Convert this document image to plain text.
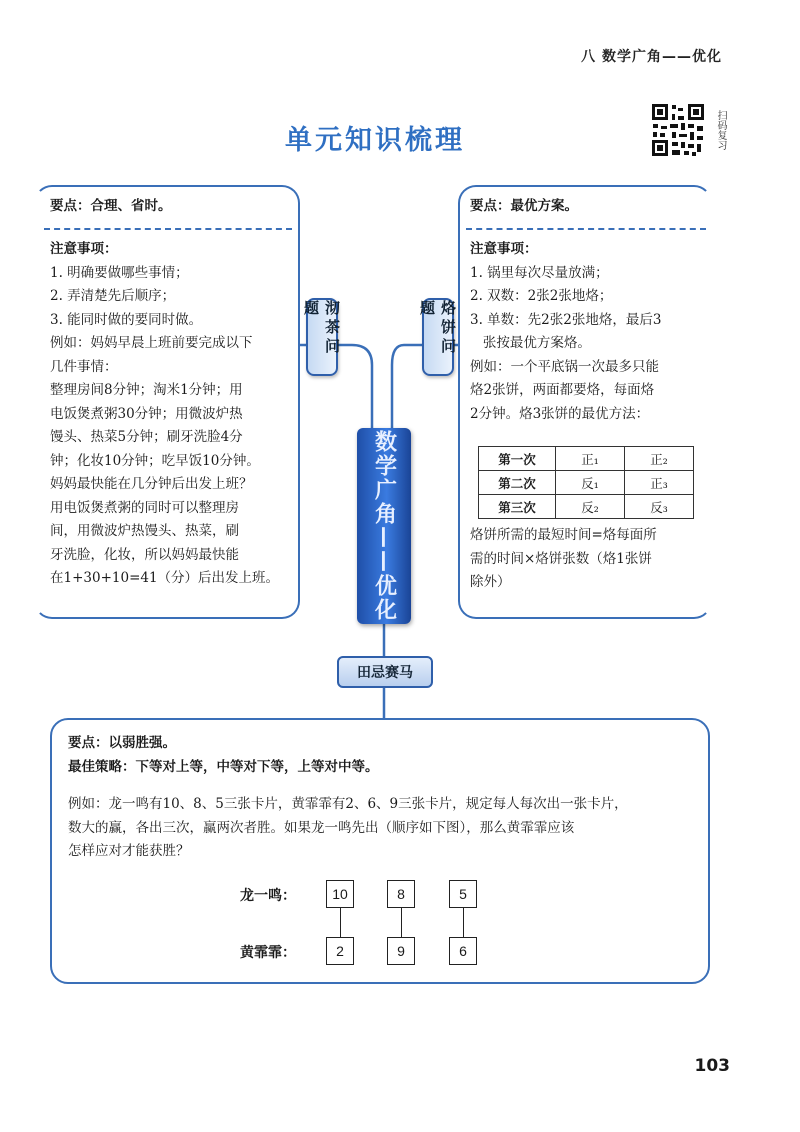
八 数学广角——优化
单元知识梳理	扫码复习
要点：合理、省时。
注意事项：
1. 明确要做哪些事情；
2. 弄清楚先后顺序；
3. 能同时做的要同时做。
例如：妈妈早晨上班前要完成以下
几件事情：
整理房间8分钟；淘米1分钟；用
电饭煲煮粥30分钟；用微波炉热
馒头、热菜5分钟；刷牙洗脸4分
钟；化妆10分钟；吃早饭10分钟。
妈妈最快能在几分钟后出发上班？
用电饭煲煮粥的同时可以整理房
间，用微波炉热馒头、热菜，刷
牙洗脸，化妆，所以妈妈最快能
在1+30+10=41（分）后出发上班。
要点：最优方案。
注意事项：
1. 锅里每次尽量放满；
2. 双数：2张2张地烙；
3. 单数：先2张2张地烙，最后3
张按最优方案烙。
例如：一个平底锅一次最多只能
烙2张饼，两面都要烙，每面烙
2分钟。烙3张饼的最优方法：
第一次	正₁	正₂
第二次	反₁	正₃
第三次	反₂	反₃
烙饼所需的最短时间=烙每面所
需的时间×烙饼张数（烙1张饼
除外）
沏茶问题	烙饼问题
数学广角——优化
田忌赛马
要点：以弱胜强。
最佳策略：下等对上等，中等对下等，上等对中等。
例如：龙一鸣有10、8、5三张卡片，黄霏霏有2、6、9三张卡片，规定每人每次出一张卡片，
数大的赢，各出三次，赢两次者胜。如果龙一鸣先出（顺序如下图），那么黄霏霏应该
怎样应对才能获胜？
龙一鸣：
黄霏霏：
10	8	5
2	9	6
103
